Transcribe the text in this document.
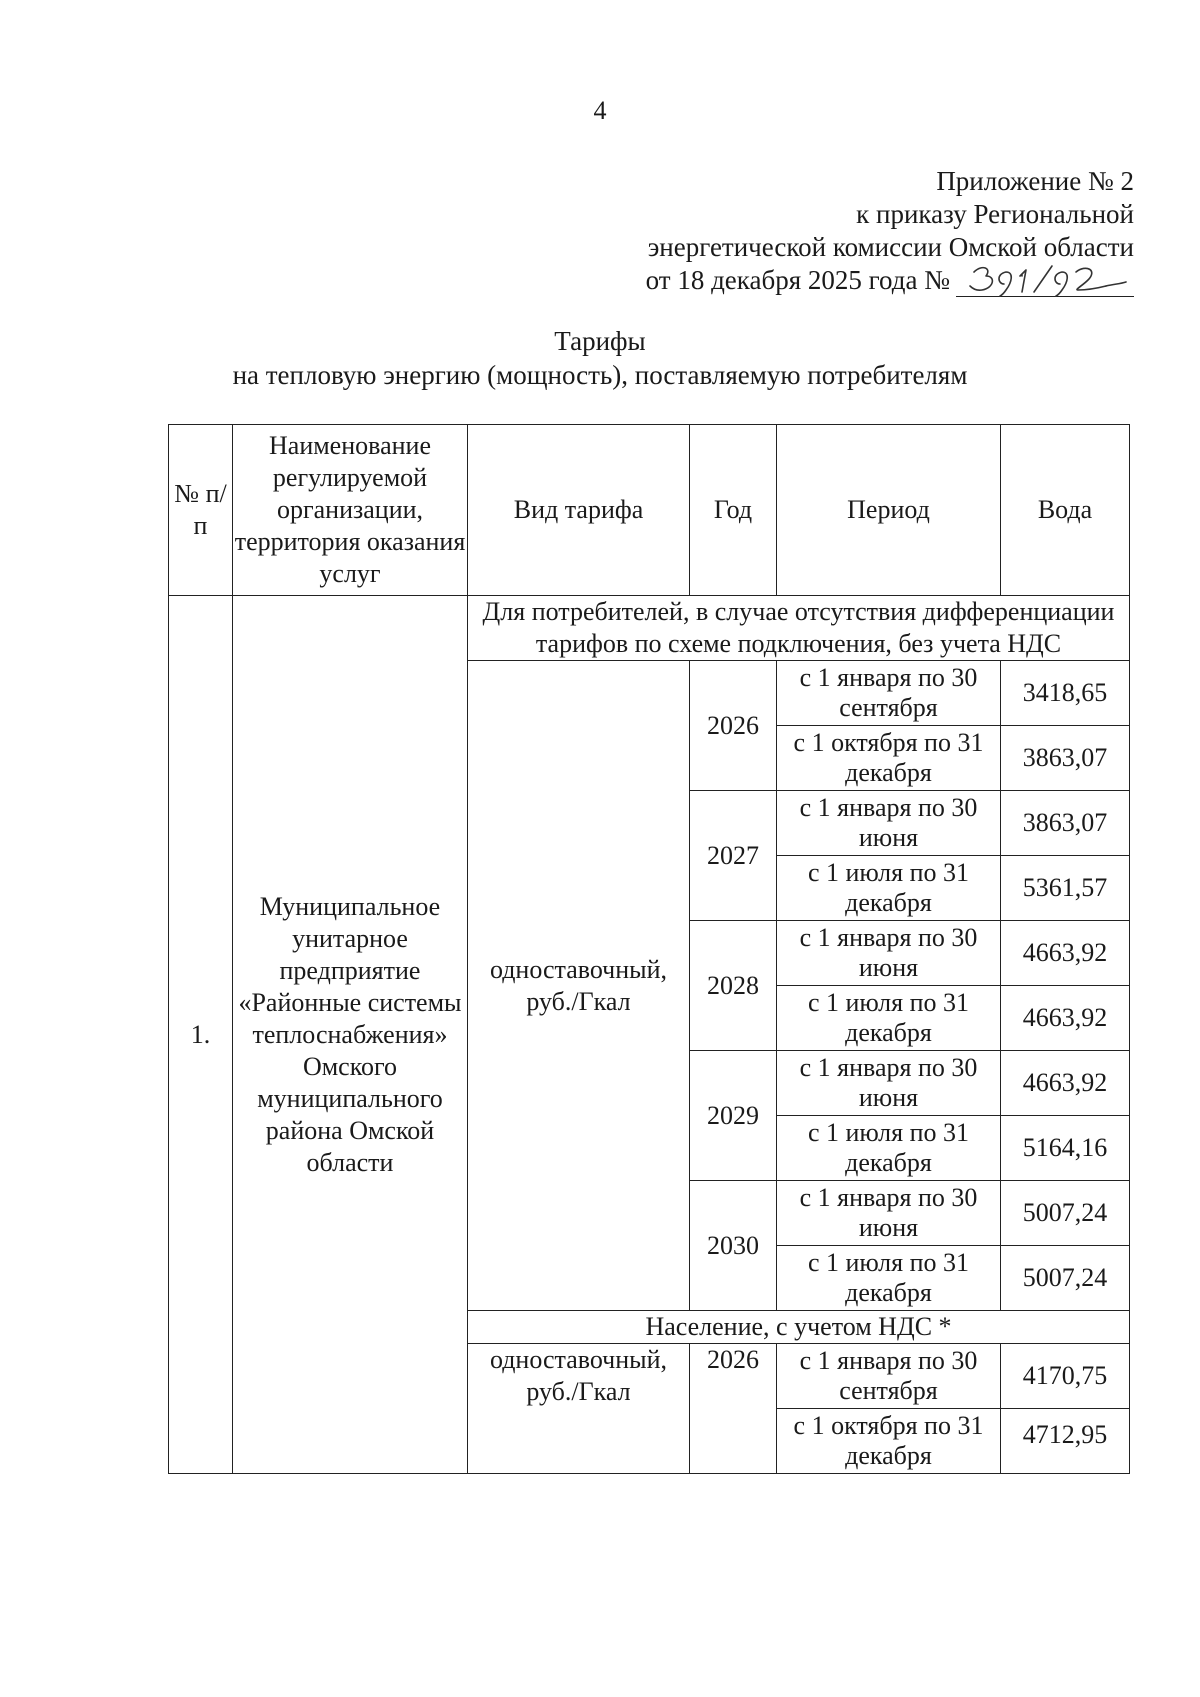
4
Приложение № 2
к приказу Региональной
энергетической комиссии Омской области
от 18 декабря 2025 года №
Тарифы
на тепловую энергию (мощность), поставляемую потребителям
№ п/п	Наименование регулируемой организации, территория оказания услуг	Вид тарифа	Год	Период	Вода
1.	Муниципальное унитарное предприятие «Районные системы теплоснабжения» Омского муниципального района Омской области	Для потребителей, в случае отсутствия дифференциации тарифов по схеме подключения, без учета НДС			
		одноставочный, руб./Гкал	2026	с 1 января по 30 сентября	3418,65
				с 1 октября по 31 декабря	3863,07
			2027	с 1 января по 30 июня	3863,07
				с 1 июля по 31 декабря	5361,57
			2028	с 1 января по 30 июня	4663,92
				с 1 июля по 31 декабря	4663,92
			2029	с 1 января по 30 июня	4663,92
				с 1 июля по 31 декабря	5164,16
			2030	с 1 января по 30 июня	5007,24
				с 1 июля по 31 декабря	5007,24
		Население, с учетом НДС *			
		одноставочный, руб./Гкал	2026	с 1 января по 30 сентября	4170,75
				с 1 октября по 31 декабря	4712,95
